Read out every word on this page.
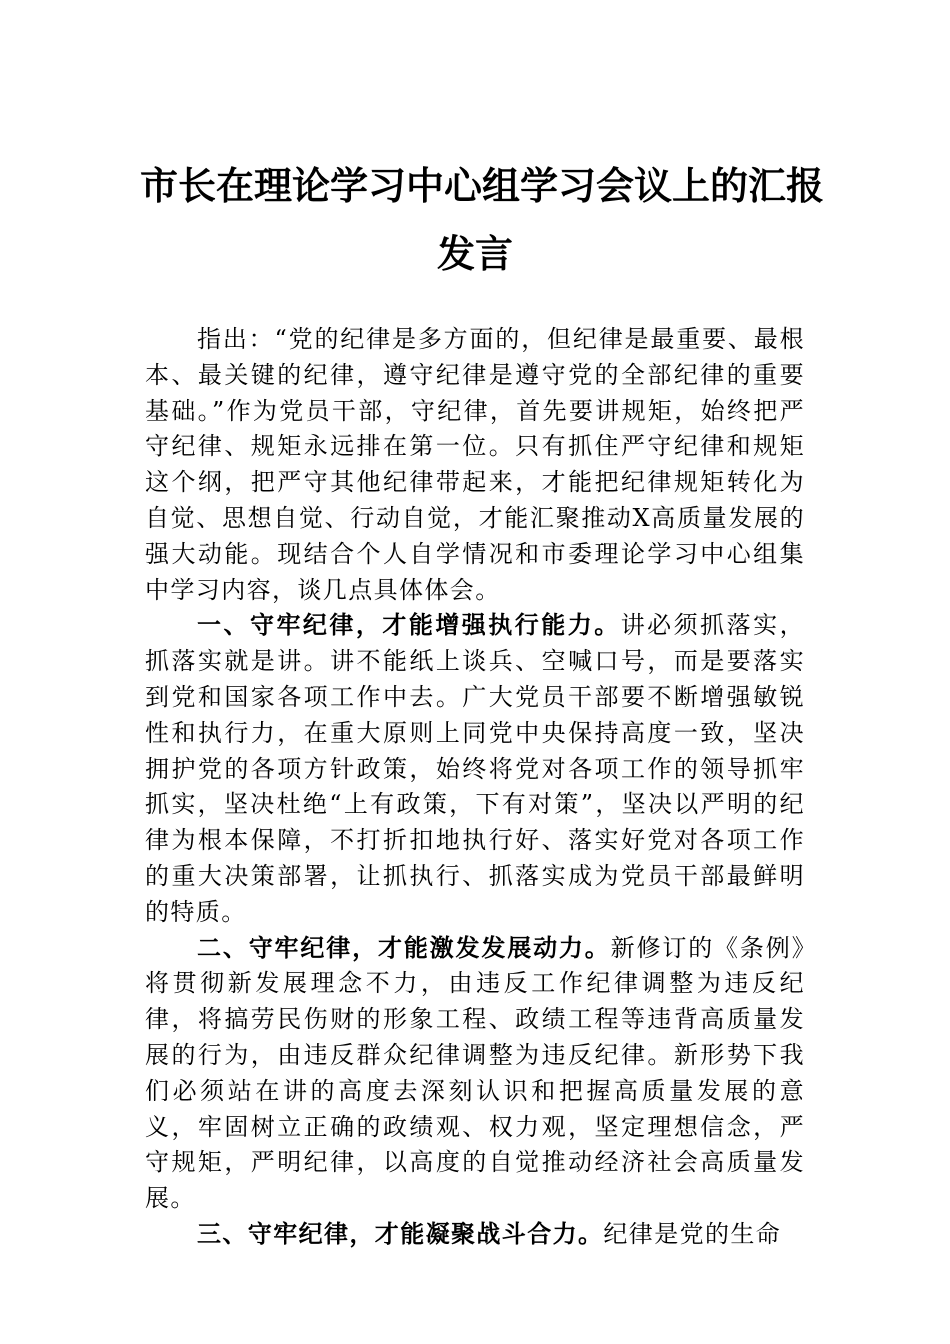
市长在理论学习中心组学习会议上的汇报
发言

指出：“党的纪律是多方面的，但纪律是最重要、最根本、最关键的纪律，遵守纪律是遵守党的全部纪律的重要基础。”作为党员干部，守纪律，首先要讲规矩，始终把严守纪律、规矩永远排在第一位。只有抓住严守纪律和规矩这个纲，把严守其他纪律带起来，才能把纪律规矩转化为自觉、思想自觉、行动自觉，才能汇聚推动X高质量发展的强大动能。现结合个人自学情况和市委理论学习中心组集中学习内容，谈几点具体体会。

一、守牢纪律，才能增强执行能力。讲必须抓落实，抓落实就是讲。讲不能纸上谈兵、空喊口号，而是要落实到党和国家各项工作中去。广大党员干部要不断增强敏锐性和执行力，在重大原则上同党中央保持高度一致，坚决拥护党的各项方针政策，始终将党对各项工作的领导抓牢抓实，坚决杜绝“上有政策，下有对策”，坚决以严明的纪律为根本保障，不打折扣地执行好、落实好党对各项工作的重大决策部署，让抓执行、抓落实成为党员干部最鲜明的特质。

二、守牢纪律，才能激发发展动力。新修订的《条例》将贯彻新发展理念不力，由违反工作纪律调整为违反纪律，将搞劳民伤财的形象工程、政绩工程等违背高质量发展的行为，由违反群众纪律调整为违反纪律。新形势下我们必须站在讲的高度去深刻认识和把握高质量发展的意义，牢固树立正确的政绩观、权力观，坚定理想信念，严守规矩，严明纪律，以高度的自觉推动经济社会高质量发展。

三、守牢纪律，才能凝聚战斗合力。纪律是党的生命
